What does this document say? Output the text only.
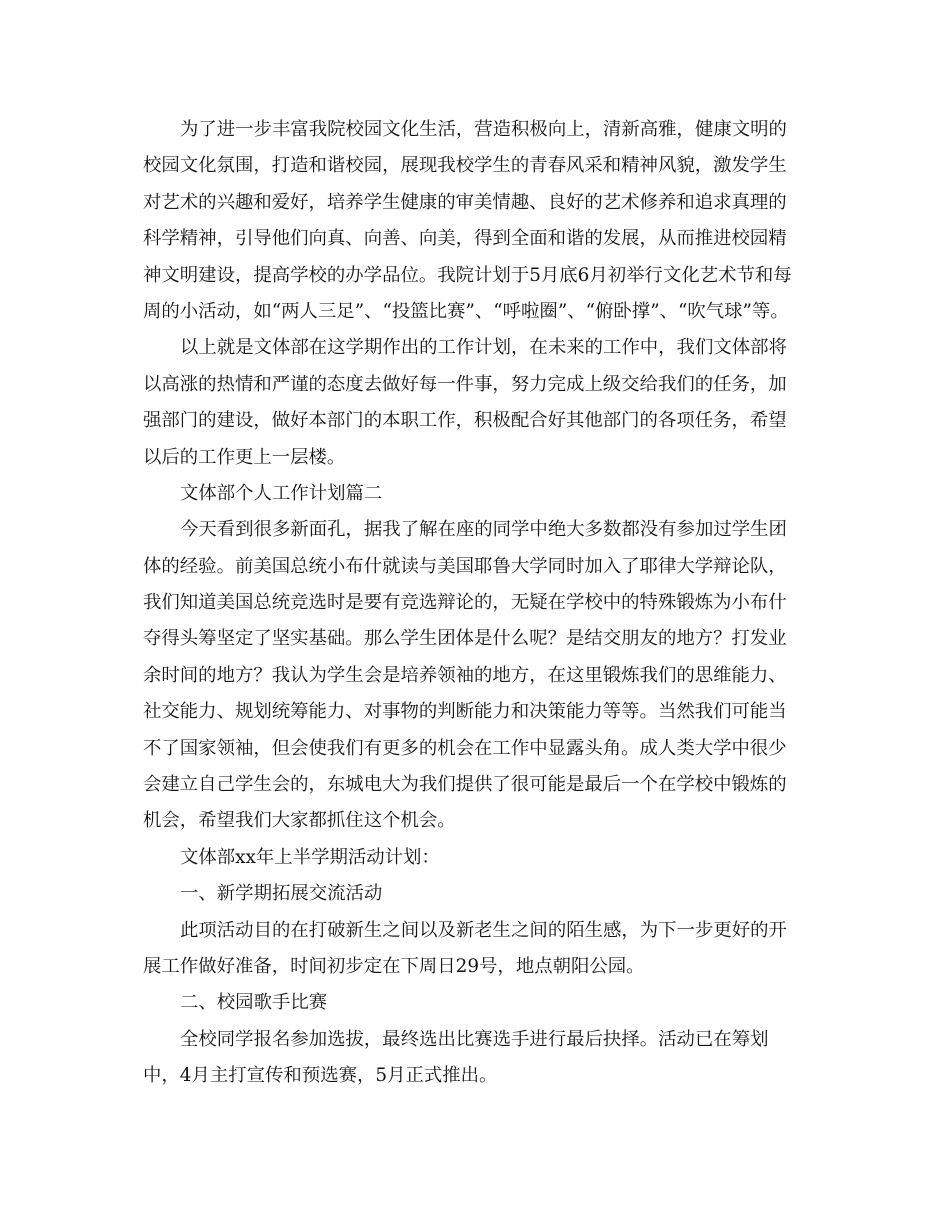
为了进一步丰富我院校园文化生活，营造积极向上，清新高雅，健康文明的
校园文化氛围，打造和谐校园，展现我校学生的青春风采和精神风貌，激发学生
对艺术的兴趣和爱好，培养学生健康的审美情趣、良好的艺术修养和追求真理的
科学精神，引导他们向真、向善、向美，得到全面和谐的发展，从而推进校园精
神文明建设，提高学校的办学品位。我院计划于5月底6月初举行文化艺术节和每
周的小活动，如“两人三足”、“投篮比赛”、“呼啦圈”、“俯卧撑”、“吹气球”等。
以上就是文体部在这学期作出的工作计划，在未来的工作中，我们文体部将
以高涨的热情和严谨的态度去做好每一件事，努力完成上级交给我们的任务，加
强部门的建设，做好本部门的本职工作，积极配合好其他部门的各项任务，希望
以后的工作更上一层楼。
文体部个人工作计划篇二
今天看到很多新面孔，据我了解在座的同学中绝大多数都没有参加过学生团
体的经验。前美国总统小布什就读与美国耶鲁大学同时加入了耶律大学辩论队，
我们知道美国总统竞选时是要有竞选辩论的，无疑在学校中的特殊锻炼为小布什
夺得头筹坚定了坚实基础。那么学生团体是什么呢？是结交朋友的地方？打发业
余时间的地方？我认为学生会是培养领袖的地方，在这里锻炼我们的思维能力、
社交能力、规划统筹能力、对事物的判断能力和决策能力等等。当然我们可能当
不了国家领袖，但会使我们有更多的机会在工作中显露头角。成人类大学中很少
会建立自己学生会的，东城电大为我们提供了很可能是最后一个在学校中锻炼的
机会，希望我们大家都抓住这个机会。
文体部xx年上半学期活动计划：
一、新学期拓展交流活动
此项活动目的在打破新生之间以及新老生之间的陌生感，为下一步更好的开
展工作做好准备，时间初步定在下周日29号，地点朝阳公园。
二、校园歌手比赛
全校同学报名参加选拔，最终选出比赛选手进行最后抉择。活动已在筹划
中，4月主打宣传和预选赛，5月正式推出。
